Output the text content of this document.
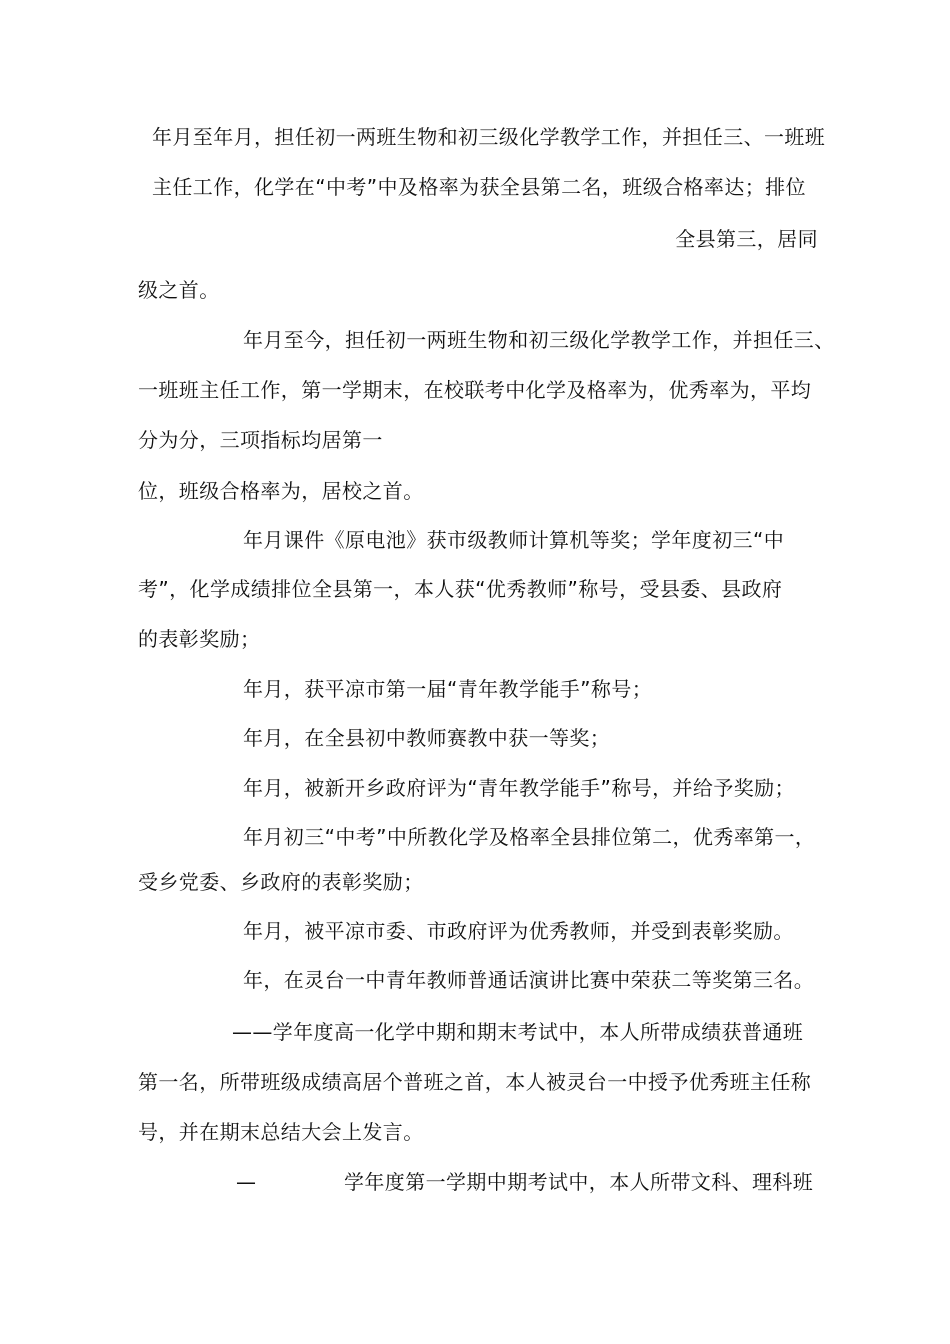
年月至年月，担任初一两班生物和初三级化学教学工作，并担任三、一班班
主任工作，化学在“中考”中及格率为获全县第二名，班级合格率达；排位
全县第三，居同
级之首。
年月至今，担任初一两班生物和初三级化学教学工作，并担任三、
一班班主任工作，第一学期末，在校联考中化学及格率为，优秀率为，平均
分为分，三项指标均居第一
位，班级合格率为，居校之首。
年月课件《原电池》获市级教师计算机等奖；学年度初三“中
考”，化学成绩排位全县第一，本人获“优秀教师”称号，受县委、县政府
的表彰奖励；
年月，获平凉市第一届“青年教学能手”称号；
年月，在全县初中教师赛教中获一等奖；
年月，被新开乡政府评为“青年教学能手”称号，并给予奖励；
年月初三“中考”中所教化学及格率全县排位第二，优秀率第一，
受乡党委、乡政府的表彰奖励；
年月，被平凉市委、市政府评为优秀教师，并受到表彰奖励。
年，在灵台一中青年教师普通话演讲比赛中荣获二等奖第三名。
——学年度高一化学中期和期末考试中，本人所带成绩获普通班
第一名，所带班级成绩高居个普班之首，本人被灵台一中授予优秀班主任称
号，并在期末总结大会上发言。
—	学年度第一学期中期考试中，本人所带文科、理科班
